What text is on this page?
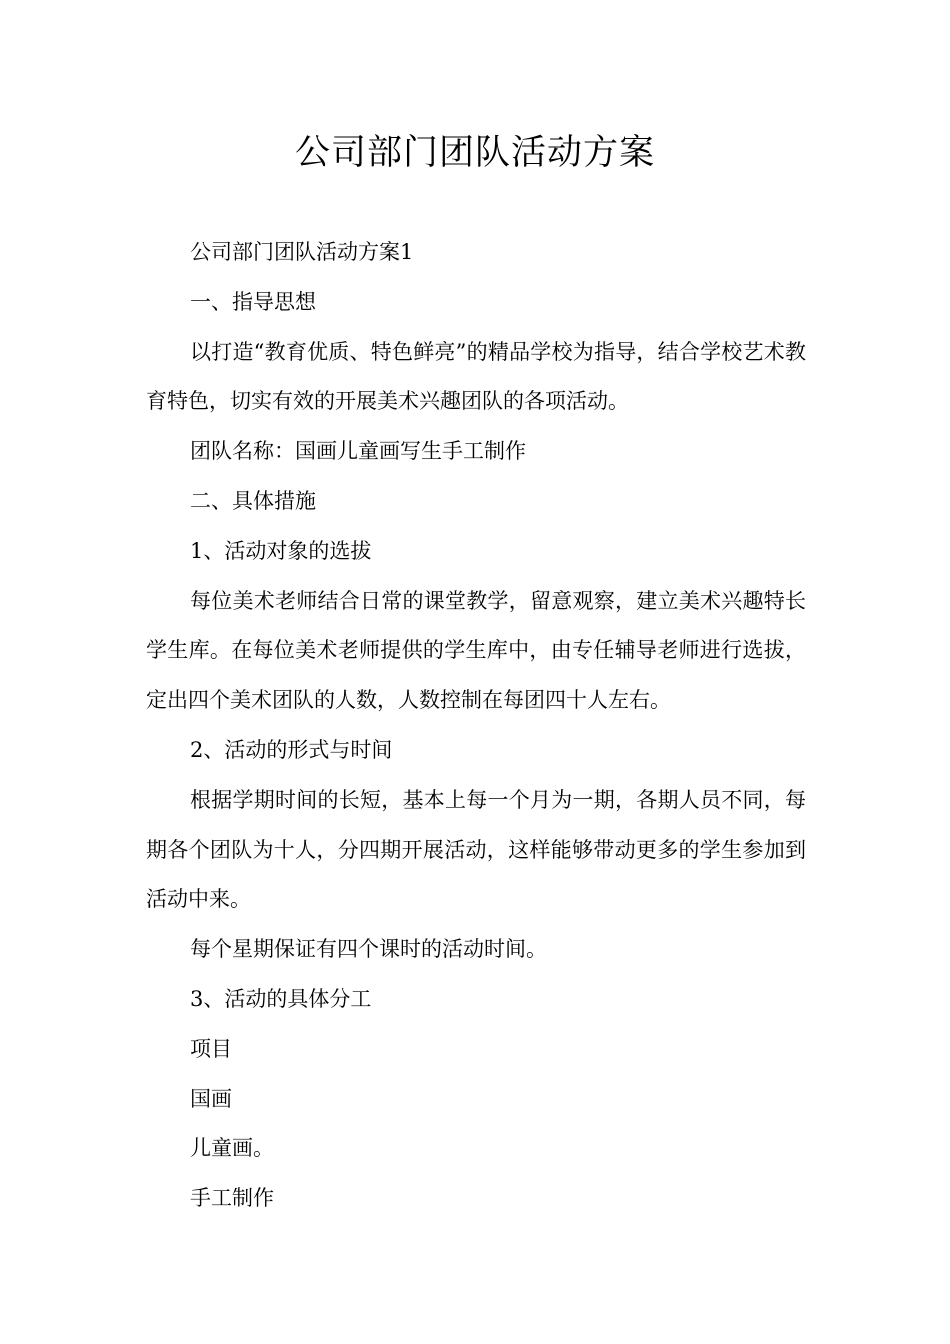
公司部门团队活动方案

公司部门团队活动方案1

一、指导思想

以打造“教育优质、特色鲜亮”的精品学校为指导，结合学校艺术教育特色，切实有效的开展美术兴趣团队的各项活动。

团队名称：国画儿童画写生手工制作

二、具体措施

1、活动对象的选拔

每位美术老师结合日常的课堂教学，留意观察，建立美术兴趣特长学生库。在每位美术老师提供的学生库中，由专任辅导老师进行选拔，定出四个美术团队的人数，人数控制在每团四十人左右。

2、活动的形式与时间

根据学期时间的长短，基本上每一个月为一期，各期人员不同，每期各个团队为十人，分四期开展活动，这样能够带动更多的学生参加到活动中来。

每个星期保证有四个课时的活动时间。

3、活动的具体分工

项目

国画

儿童画。

手工制作
